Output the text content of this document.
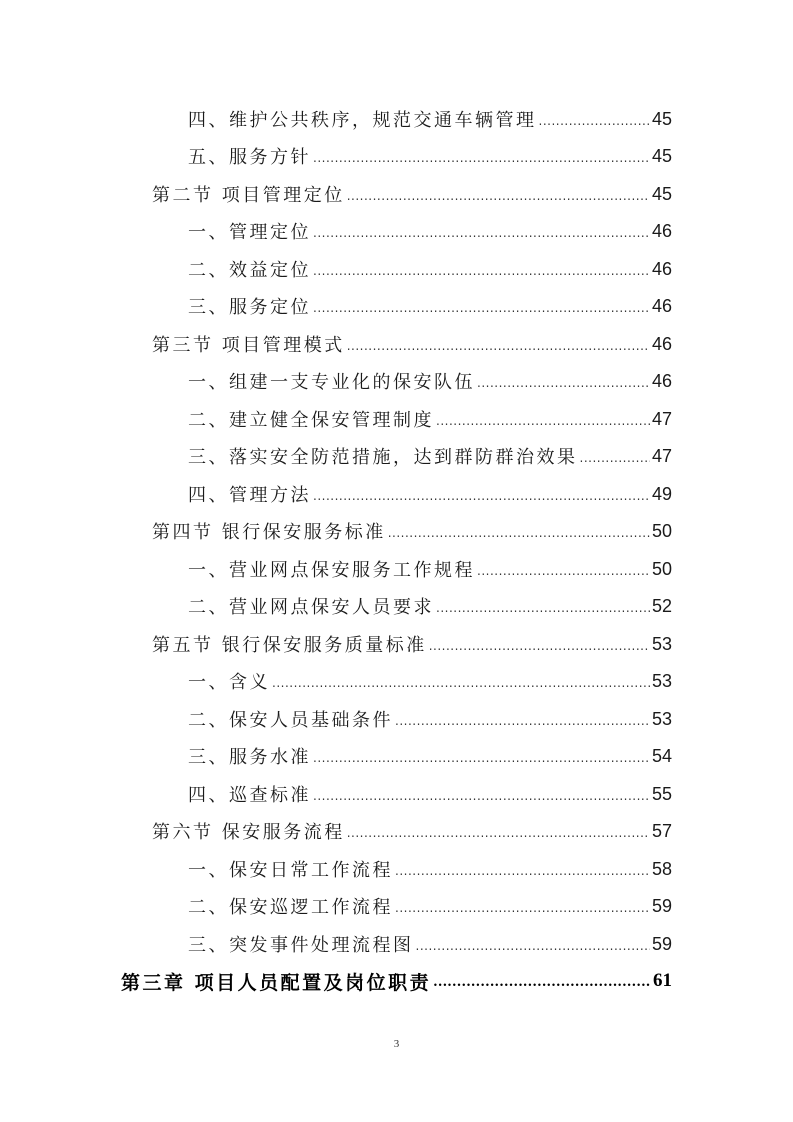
四、维护公共秩序，规范交通车辆管理 .....	45
五、服务方针 .....	45
第二节 项目管理定位 .....	45
一、管理定位 .....	46
二、效益定位 .....	46
三、服务定位 .....	46
第三节 项目管理模式 .....	46
一、组建一支专业化的保安队伍 .....	46
二、建立健全保安管理制度 .....	47
三、落实安全防范措施，达到群防群治效果 .....	47
四、管理方法 .....	49
第四节 银行保安服务标准 .....	50
一、营业网点保安服务工作规程 .....	50
二、营业网点保安人员要求 .....	52
第五节 银行保安服务质量标准 .....	53
一、含义 .....	53
二、保安人员基础条件 .....	53
三、服务水准 .....	54
四、巡查标准 .....	55
第六节 保安服务流程 .....	57
一、保安日常工作流程 .....	58
二、保安巡逻工作流程 .....	59
三、突发事件处理流程图 .....	59
第三章 项目人员配置及岗位职责 .....	61
3
